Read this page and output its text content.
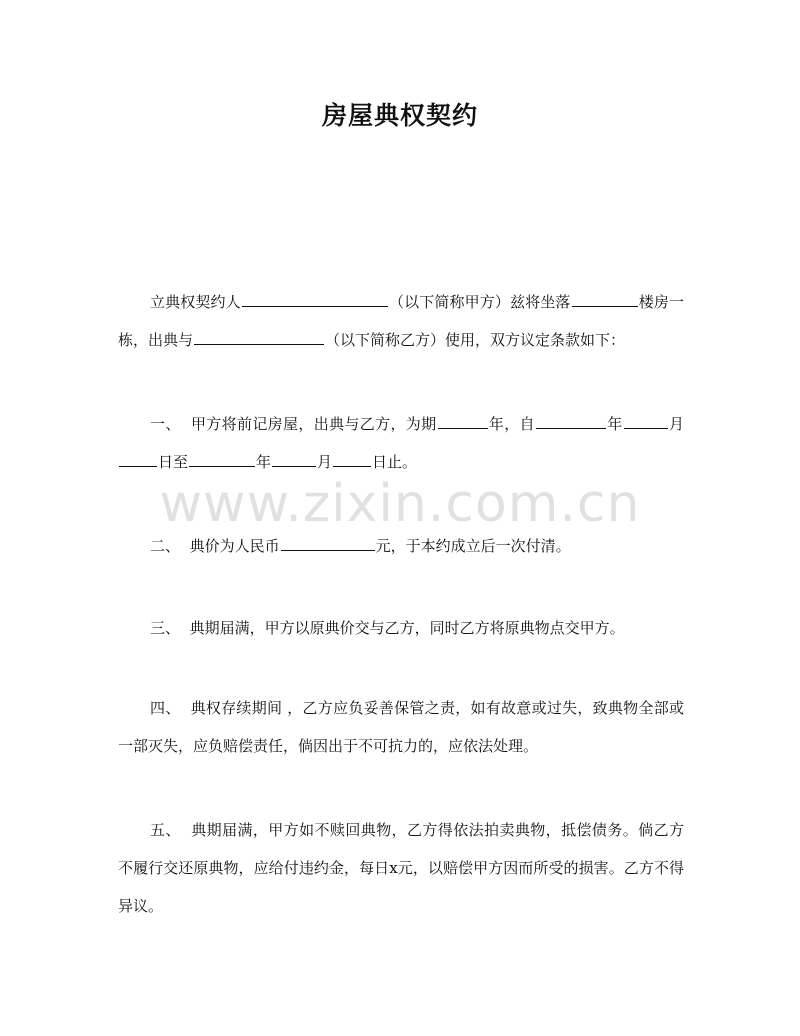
房屋典权契约

立典权契约人	（以下简称甲方）兹将坐落	楼房一栋，出典与	（以下简称乙方）使用，双方议定条款如下：

一、 甲方将前记房屋，出典与乙方，为期	年，自	年	月日至	年	月	日止。

www.zixin.com.cn

二、 典价为人民币	元，于本约成立后一次付清。

三、 典期届满，甲方以原典价交与乙方，同时乙方将原典物点交甲方。

四、 典权存续期间 ，乙方应负妥善保管之责，如有故意或过失，致典物全部或一部灭失，应负赔偿责任，倘因出于不可抗力的，应依法处理。

五、 典期届满，甲方如不赎回典物，乙方得依法拍卖典物，抵偿债务。倘乙方不履行交还原典物，应给付违约金，每日x元，以赔偿甲方因而所受的损害。乙方不得异议。
